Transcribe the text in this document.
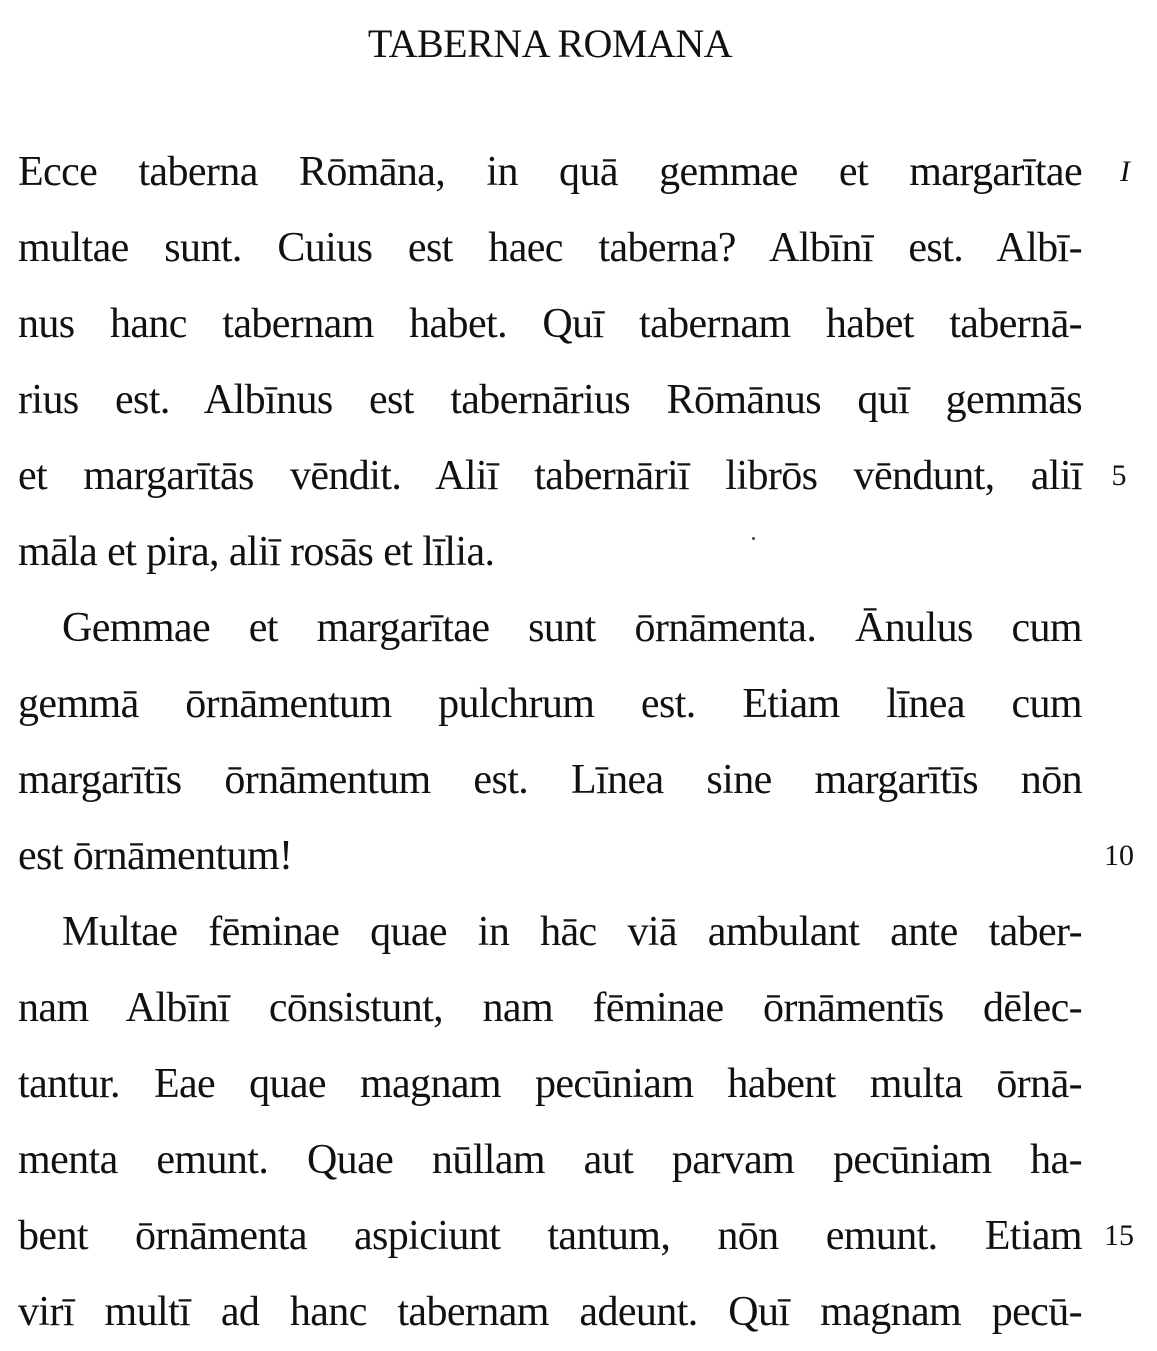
TABERNA ROMANA
Ecce taberna Rōmāna, in quā gemmae et margarītae
multae sunt. Cuius est haec taberna? Albīnī est. Albī-
nus hanc tabernam habet. Quī tabernam habet tabernā-
rius est. Albīnus est tabernārius Rōmānus quī gemmās
et margarītās vēndit. Aliī tabernāriī librōs vēndunt, aliī
māla et pira, aliī rosās et līlia.
Gemmae et margarītae sunt ōrnāmenta. Ānulus cum
gemmā ōrnāmentum pulchrum est. Etiam līnea cum
margarītīs ōrnāmentum est. Līnea sine margarītīs nōn
est ōrnāmentum!
Multae fēminae quae in hāc viā ambulant ante taber-
nam Albīnī cōnsistunt, nam fēminae ōrnāmentīs dēlec-
tantur. Eae quae magnam pecūniam habent multa ōrnā-
menta emunt. Quae nūllam aut parvam pecūniam ha-
bent ōrnāmenta aspiciunt tantum, nōn emunt. Etiam
virī multī ad hanc tabernam adeunt. Quī magnam pecū-
I
5
10
15
